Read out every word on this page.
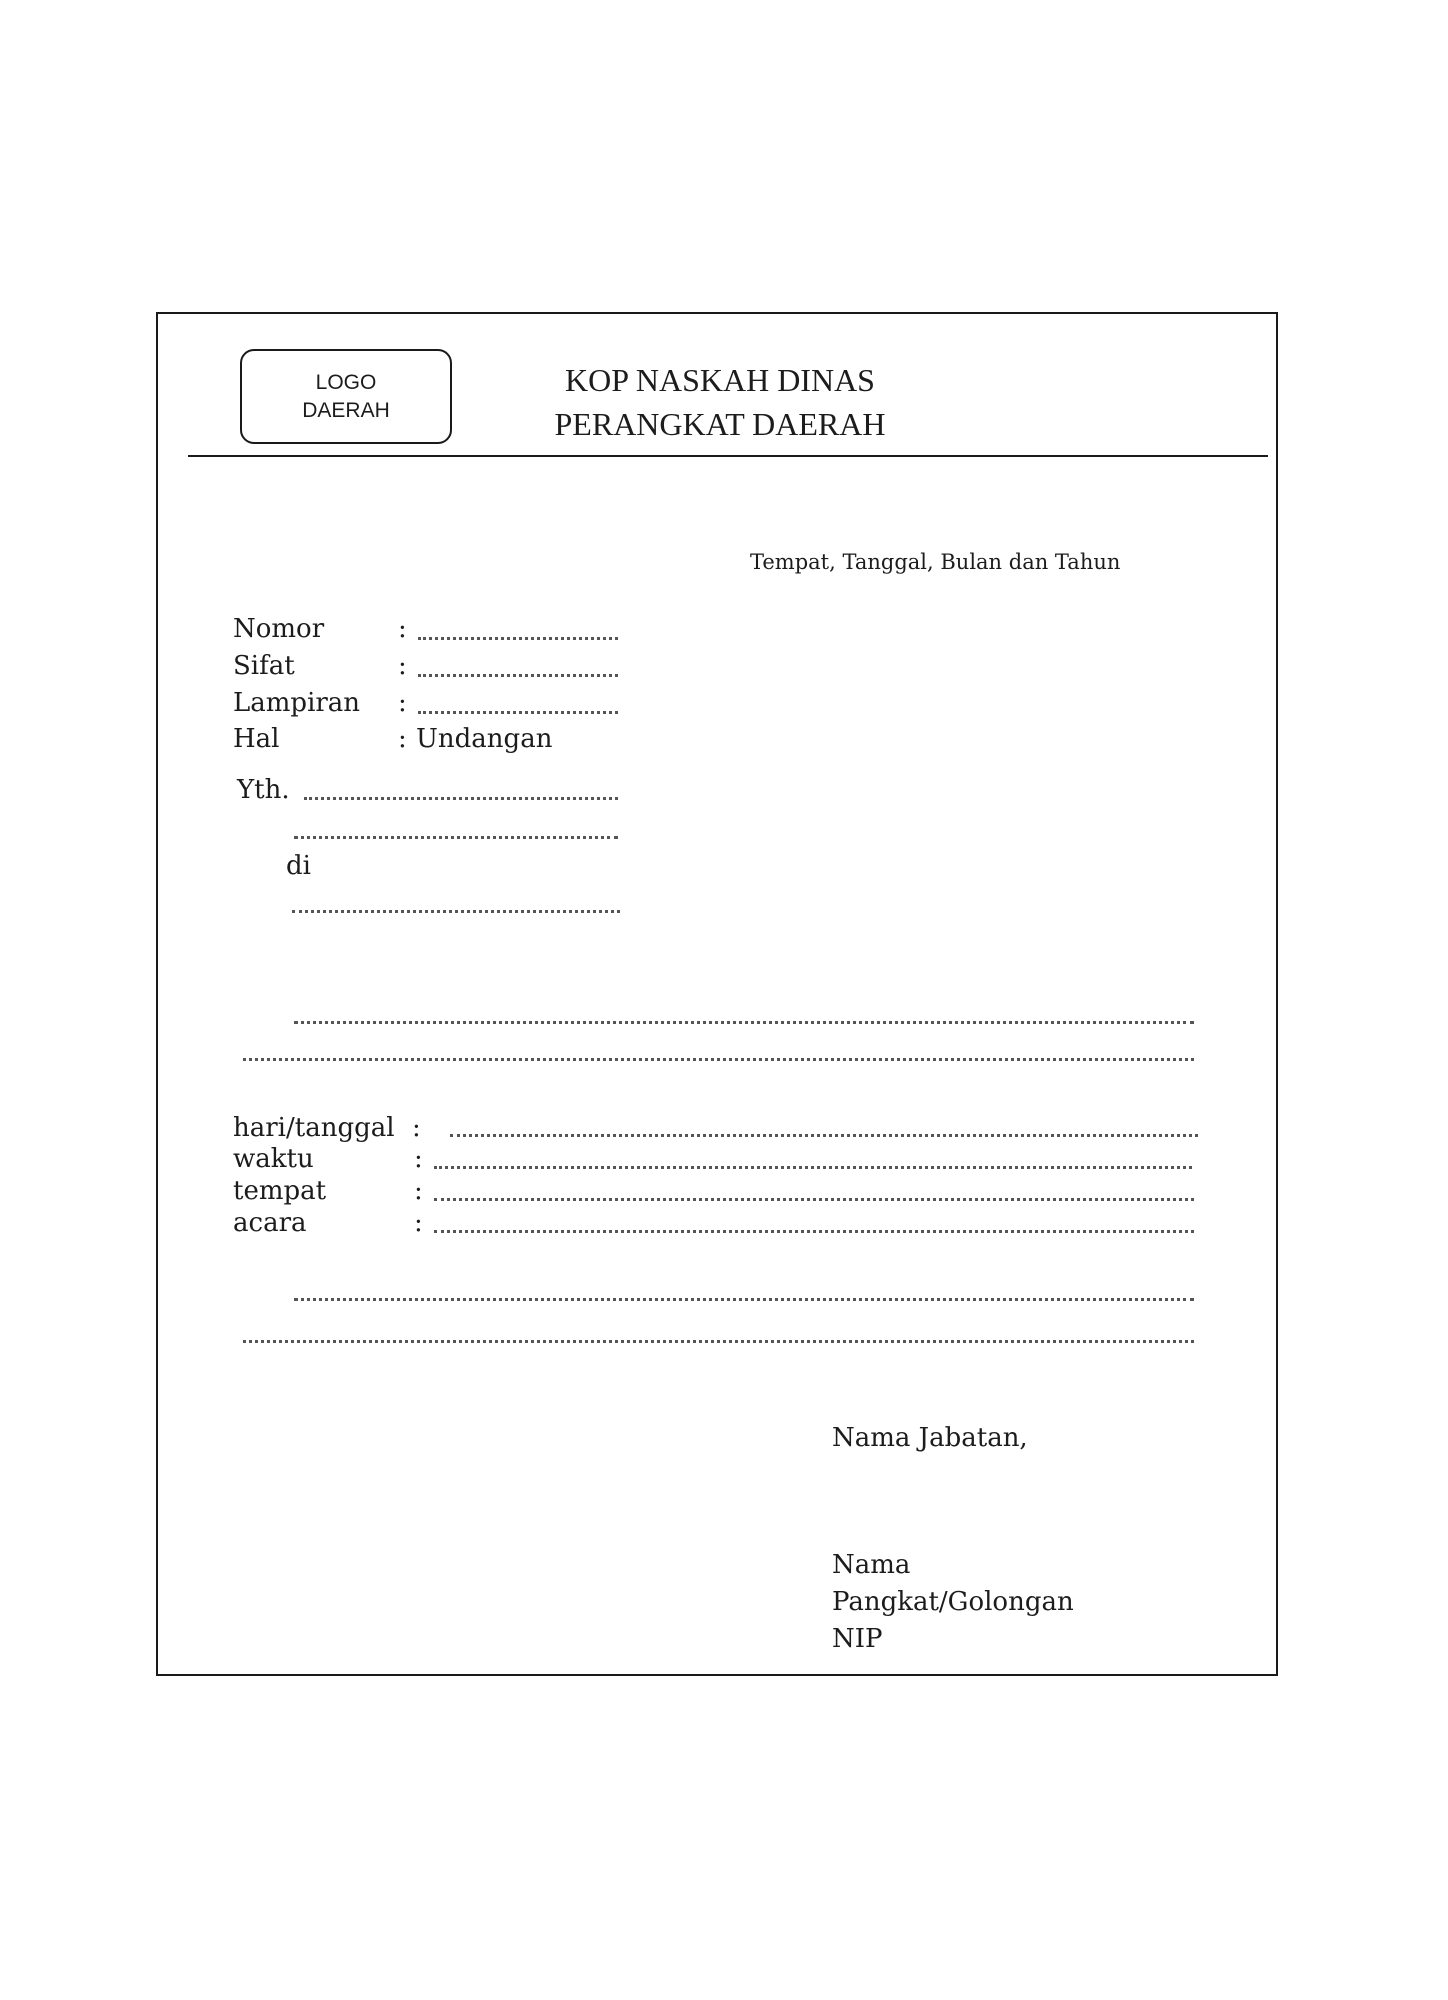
LOGO
DAERAH
KOP NASKAH DINAS
PERANGKAT DAERAH
Tempat, Tanggal, Bulan dan Tahun
Nomor	:
Sifat	:
Lampiran :
Hal	: Undangan
Yth.
di
hari/tanggal :
waktu	:
tempat	:
acara	:
Nama Jabatan,
Nama
Pangkat/Golongan
NIP
